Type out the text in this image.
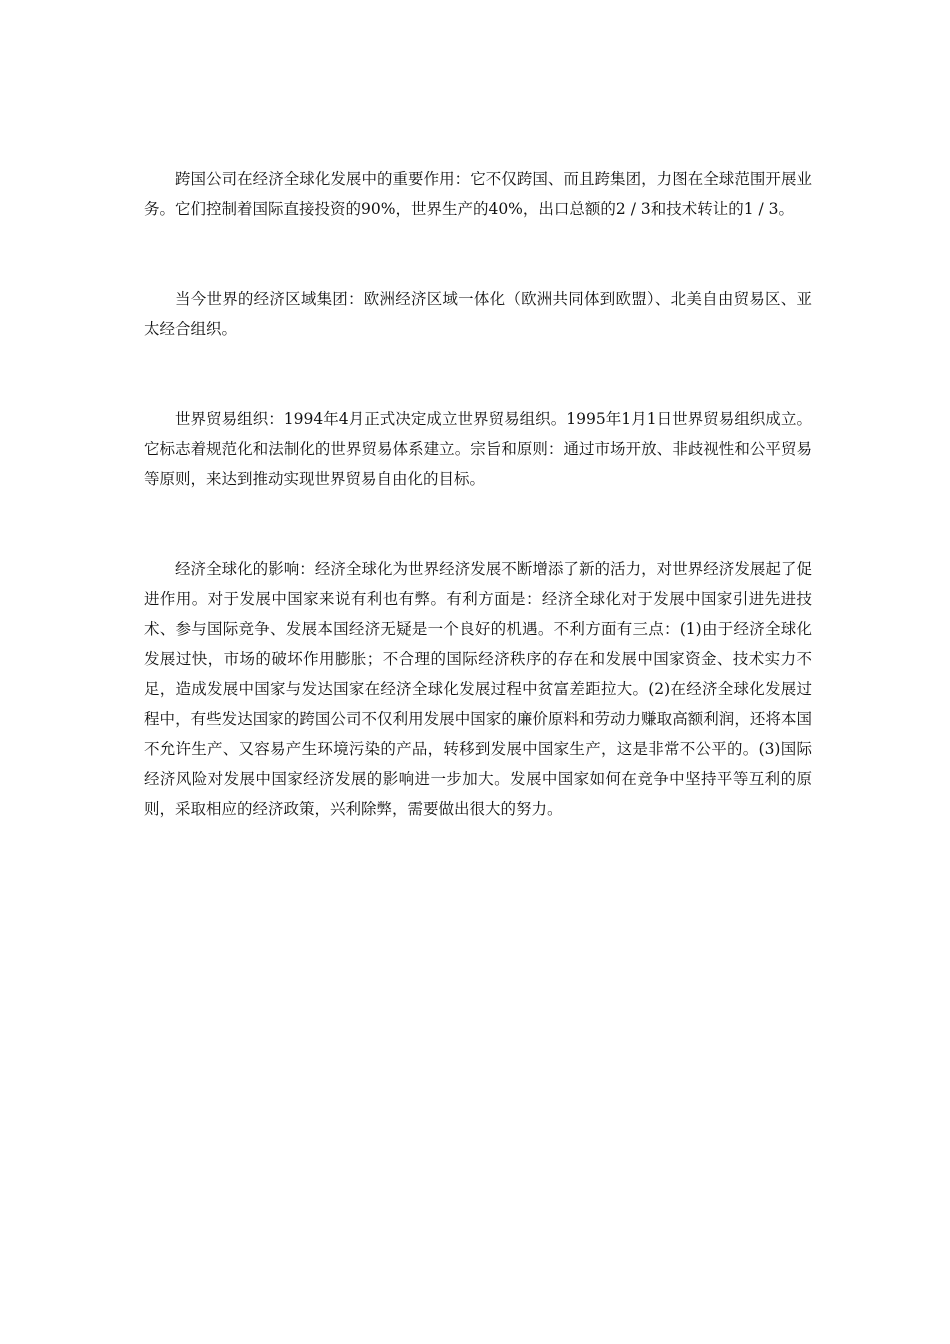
跨国公司在经济全球化发展中的重要作用：它不仅跨国、而且跨集团，力图在全球范围开展业务。它们控制着国际直接投资的90%，世界生产的40%，出口总额的2 / 3和技术转让的1 / 3。

当今世界的经济区域集团：欧洲经济区域一体化（欧洲共同体到欧盟）、北美自由贸易区、亚太经合组织。

世界贸易组织：1994年4月正式决定成立世界贸易组织。1995年1月1日世界贸易组织成立。它标志着规范化和法制化的世界贸易体系建立。宗旨和原则：通过市场开放、非歧视性和公平贸易等原则，来达到推动实现世界贸易自由化的目标。

经济全球化的影响：经济全球化为世界经济发展不断增添了新的活力，对世界经济发展起了促进作用。对于发展中国家来说有利也有弊。有利方面是：经济全球化对于发展中国家引进先进技术、参与国际竞争、发展本国经济无疑是一个良好的机遇。不利方面有三点：(1)由于经济全球化发展过快，市场的破坏作用膨胀；不合理的国际经济秩序的存在和发展中国家资金、技术实力不足，造成发展中国家与发达国家在经济全球化发展过程中贫富差距拉大。(2)在经济全球化发展过程中，有些发达国家的跨国公司不仅利用发展中国家的廉价原料和劳动力赚取高额利润，还将本国不允许生产、又容易产生环境污染的产品，转移到发展中国家生产，这是非常不公平的。(3)国际经济风险对发展中国家经济发展的影响进一步加大。发展中国家如何在竞争中坚持平等互利的原则，采取相应的经济政策，兴利除弊，需要做出很大的努力。
